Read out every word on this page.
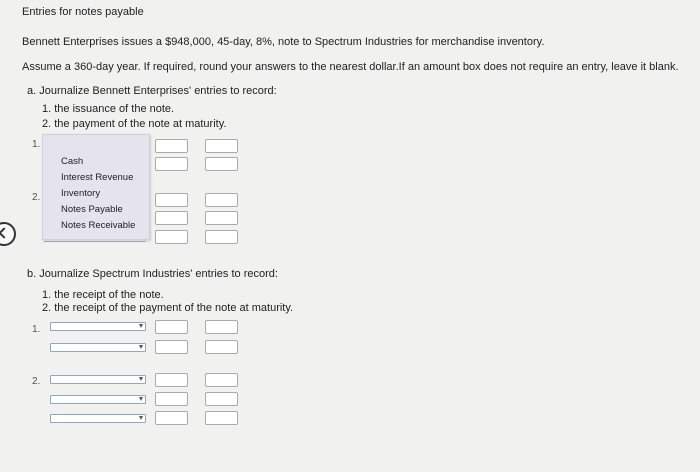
Entries for notes payable
Bennett Enterprises issues a $948,000, 45-day, 8%, note to Spectrum Industries for merchandise inventory.
Assume a 360-day year. If required, round your answers to the nearest dollar.If an amount box does not require an entry, leave it blank.
a. Journalize Bennett Enterprises' entries to record:
1. the issuance of the note.
2. the payment of the note at maturity.
1.
2.
Cash
Interest Revenue
Inventory
Notes Payable
Notes Receivable
b. Journalize Spectrum Industries' entries to record:
1. the receipt of the note.
2. the receipt of the payment of the note at maturity.
1.
2.
